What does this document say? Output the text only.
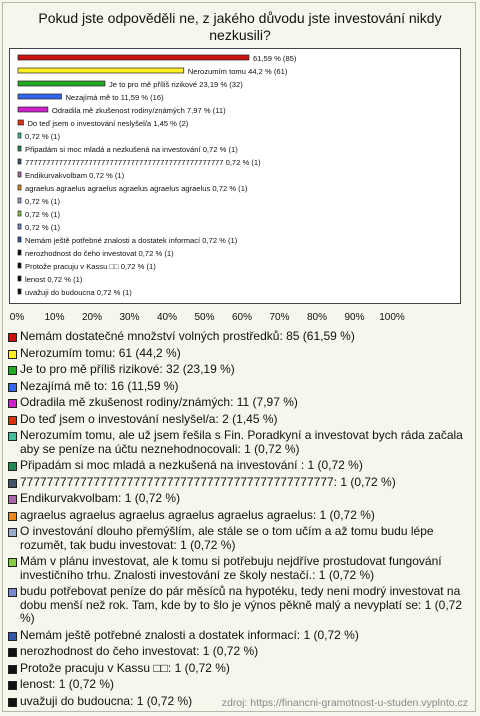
Pokud jste odpověděli ne, z jakého důvodu jste investování nikdy nezkusili?
61,59 % (85)
Nerozumím tomu 44,2 % (61)
Je to pro mě příliš rizikové 23,19 % (32)
Nezajímá mě to 11,59 % (16)
Odradila mě zkušenost rodiny/známých 7,97 % (11)
Do teď jsem o investování neslyšel/a 1,45 % (2)
0,72 % (1)
Připadám si moc mladá a nezkušená na investování 0,72 % (1)
77777777777777777777777777777777777777777777777 0,72 % (1)
Endikurvakvolbam 0,72 % (1)
agraelus agraelus agraelus agraelus agraelus agraelus 0,72 % (1)
0,72 % (1)
0,72 % (1)
0,72 % (1)
Nemám ještě potřebné znalosti a dostatek informací 0,72 % (1)
nerozhodnost do čeho investovat 0,72 % (1)
Protože pracuju v Kassu □□ 0,72 % (1)
lenost 0,72 % (1)
uvažuji do budoucna 0,72 % (1)
0% 10% 20% 30% 40% 50% 60% 70% 80% 90% 100%
Nemám dostatečné množství volných prostředků: 85 (61,59 %)
Nerozumím tomu: 61 (44,2 %)
Je to pro mě příliš rizikové: 32 (23,19 %)
Nezajímá mě to: 16 (11,59 %)
Odradila mě zkušenost rodiny/známých: 11 (7,97 %)
Do teď jsem o investování neslyšel/a: 2 (1,45 %)
Nerozumím tomu, ale už jsem řešila s Fin. Poradkyní a investovat bych ráda začala aby se peníze na účtu neznehodnocovali: 1 (0,72 %)
Připadám si moc mladá a nezkušená na investování : 1 (0,72 %)
77777777777777777777777777777777777777777777777: 1 (0,72 %)
Endikurvakvolbam: 1 (0,72 %)
agraelus agraelus agraelus agraelus agraelus agraelus: 1 (0,72 %)
O investování dlouho přemýšlím, ale stále se o tom učím a až tomu budu lépe rozumět, tak budu investovat: 1 (0,72 %)
Mám v plánu investovat, ale k tomu si potřebuju nejdříve prostudovat fungování investičního trhu. Znalosti investování ze školy nestačí.: 1 (0,72 %)
budu potřebovat peníze do pár měsíců na hypotéku, tedy neni modrý investovat na dobu menší než rok. Tam, kde by to šlo je výnos pěkně malý a nevyplatí se: 1 (0,72 %)
Nemám ještě potřebné znalosti a dostatek informací: 1 (0,72 %)
nerozhodnost do čeho investovat: 1 (0,72 %)
Protože pracuju v Kassu □□: 1 (0,72 %)
lenost: 1 (0,72 %)
uvažuji do budoucna: 1 (0,72 %)	zdroj: https://financni-gramotnost-u-studen.vyplnto.cz
